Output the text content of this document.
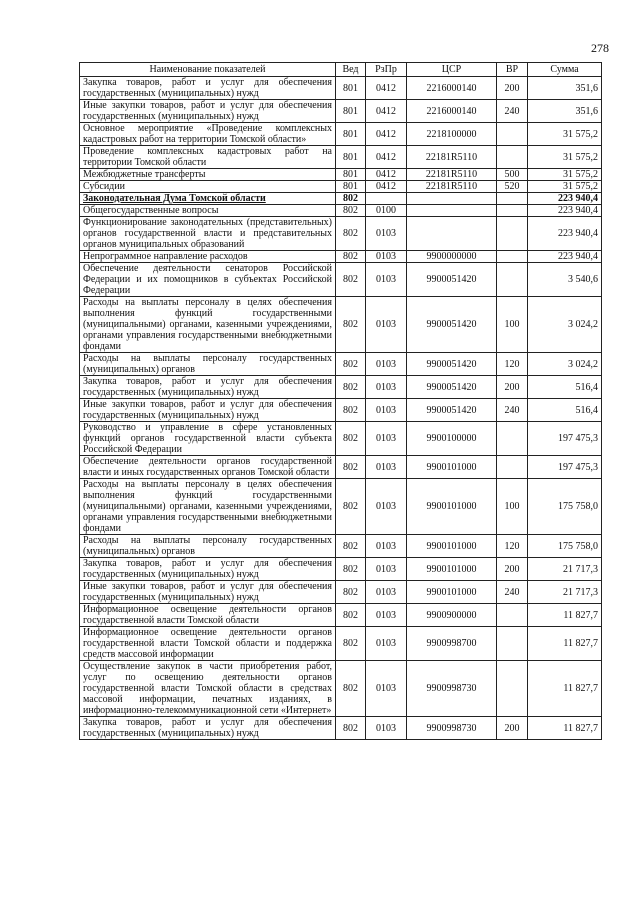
278
Наименование показателей	Вед	РзПр	ЦСР	ВР	Сумма
Закупка товаров, работ и услуг для обеспечения государственных (муниципальных) нужд	801	0412	2216000140	200	351,6
Иные закупки товаров, работ и услуг для обеспечения государственных (муниципальных) нужд	801	0412	2216000140	240	351,6
Основное мероприятие «Проведение комплексных кадастровых работ на территории Томской области»	801	0412	2218100000		31 575,2
Проведение комплексных кадастровых работ на территории Томской области	801	0412	22181R5110		31 575,2
Межбюджетные трансферты	801	0412	22181R5110	500	31 575,2
Субсидии	801	0412	22181R5110	520	31 575,2
Законодательная Дума Томской области	802				223 940,4
Общегосударственные вопросы	802	0100			223 940,4
Функционирование законодательных (представительных) органов государственной власти и представительных органов муниципальных образований	802	0103			223 940,4
Непрограммное направление расходов	802	0103	9900000000		223 940,4
Обеспечение деятельности сенаторов Российской Федерации и их помощников в субъектах Российской Федерации	802	0103	9900051420		3 540,6
Расходы на выплаты персоналу в целях обеспечения выполнения функций государственными (муниципальными) органами, казенными учреждениями, органами управления государственными внебюджетными фондами	802	0103	9900051420	100	3 024,2
Расходы на выплаты персоналу государственных (муниципальных) органов	802	0103	9900051420	120	3 024,2
Закупка товаров, работ и услуг для обеспечения государственных (муниципальных) нужд	802	0103	9900051420	200	516,4
Иные закупки товаров, работ и услуг для обеспечения государственных (муниципальных) нужд	802	0103	9900051420	240	516,4
Руководство и управление в сфере установленных функций органов государственной власти субъекта Российской Федерации	802	0103	9900100000		197 475,3
Обеспечение деятельности органов государственной власти и иных государственных органов Томской области	802	0103	9900101000		197 475,3
Расходы на выплаты персоналу в целях обеспечения выполнения функций государственными (муниципальными) органами, казенными учреждениями, органами управления государственными внебюджетными фондами	802	0103	9900101000	100	175 758,0
Расходы на выплаты персоналу государственных (муниципальных) органов	802	0103	9900101000	120	175 758,0
Закупка товаров, работ и услуг для обеспечения государственных (муниципальных) нужд	802	0103	9900101000	200	21 717,3
Иные закупки товаров, работ и услуг для обеспечения государственных (муниципальных) нужд	802	0103	9900101000	240	21 717,3
Информационное освещение деятельности органов государственной власти Томской области	802	0103	9900900000		11 827,7
Информационное освещение деятельности органов государственной власти Томской области и поддержка средств массовой информации	802	0103	9900998700		11 827,7
Осуществление закупок в части приобретения работ, услуг по освещению деятельности органов государственной власти Томской области в средствах массовой информации, печатных изданиях, в информационно-телекоммуникационной сети «Интернет»	802	0103	9900998730		11 827,7
Закупка товаров, работ и услуг для обеспечения государственных (муниципальных) нужд	802	0103	9900998730	200	11 827,7
